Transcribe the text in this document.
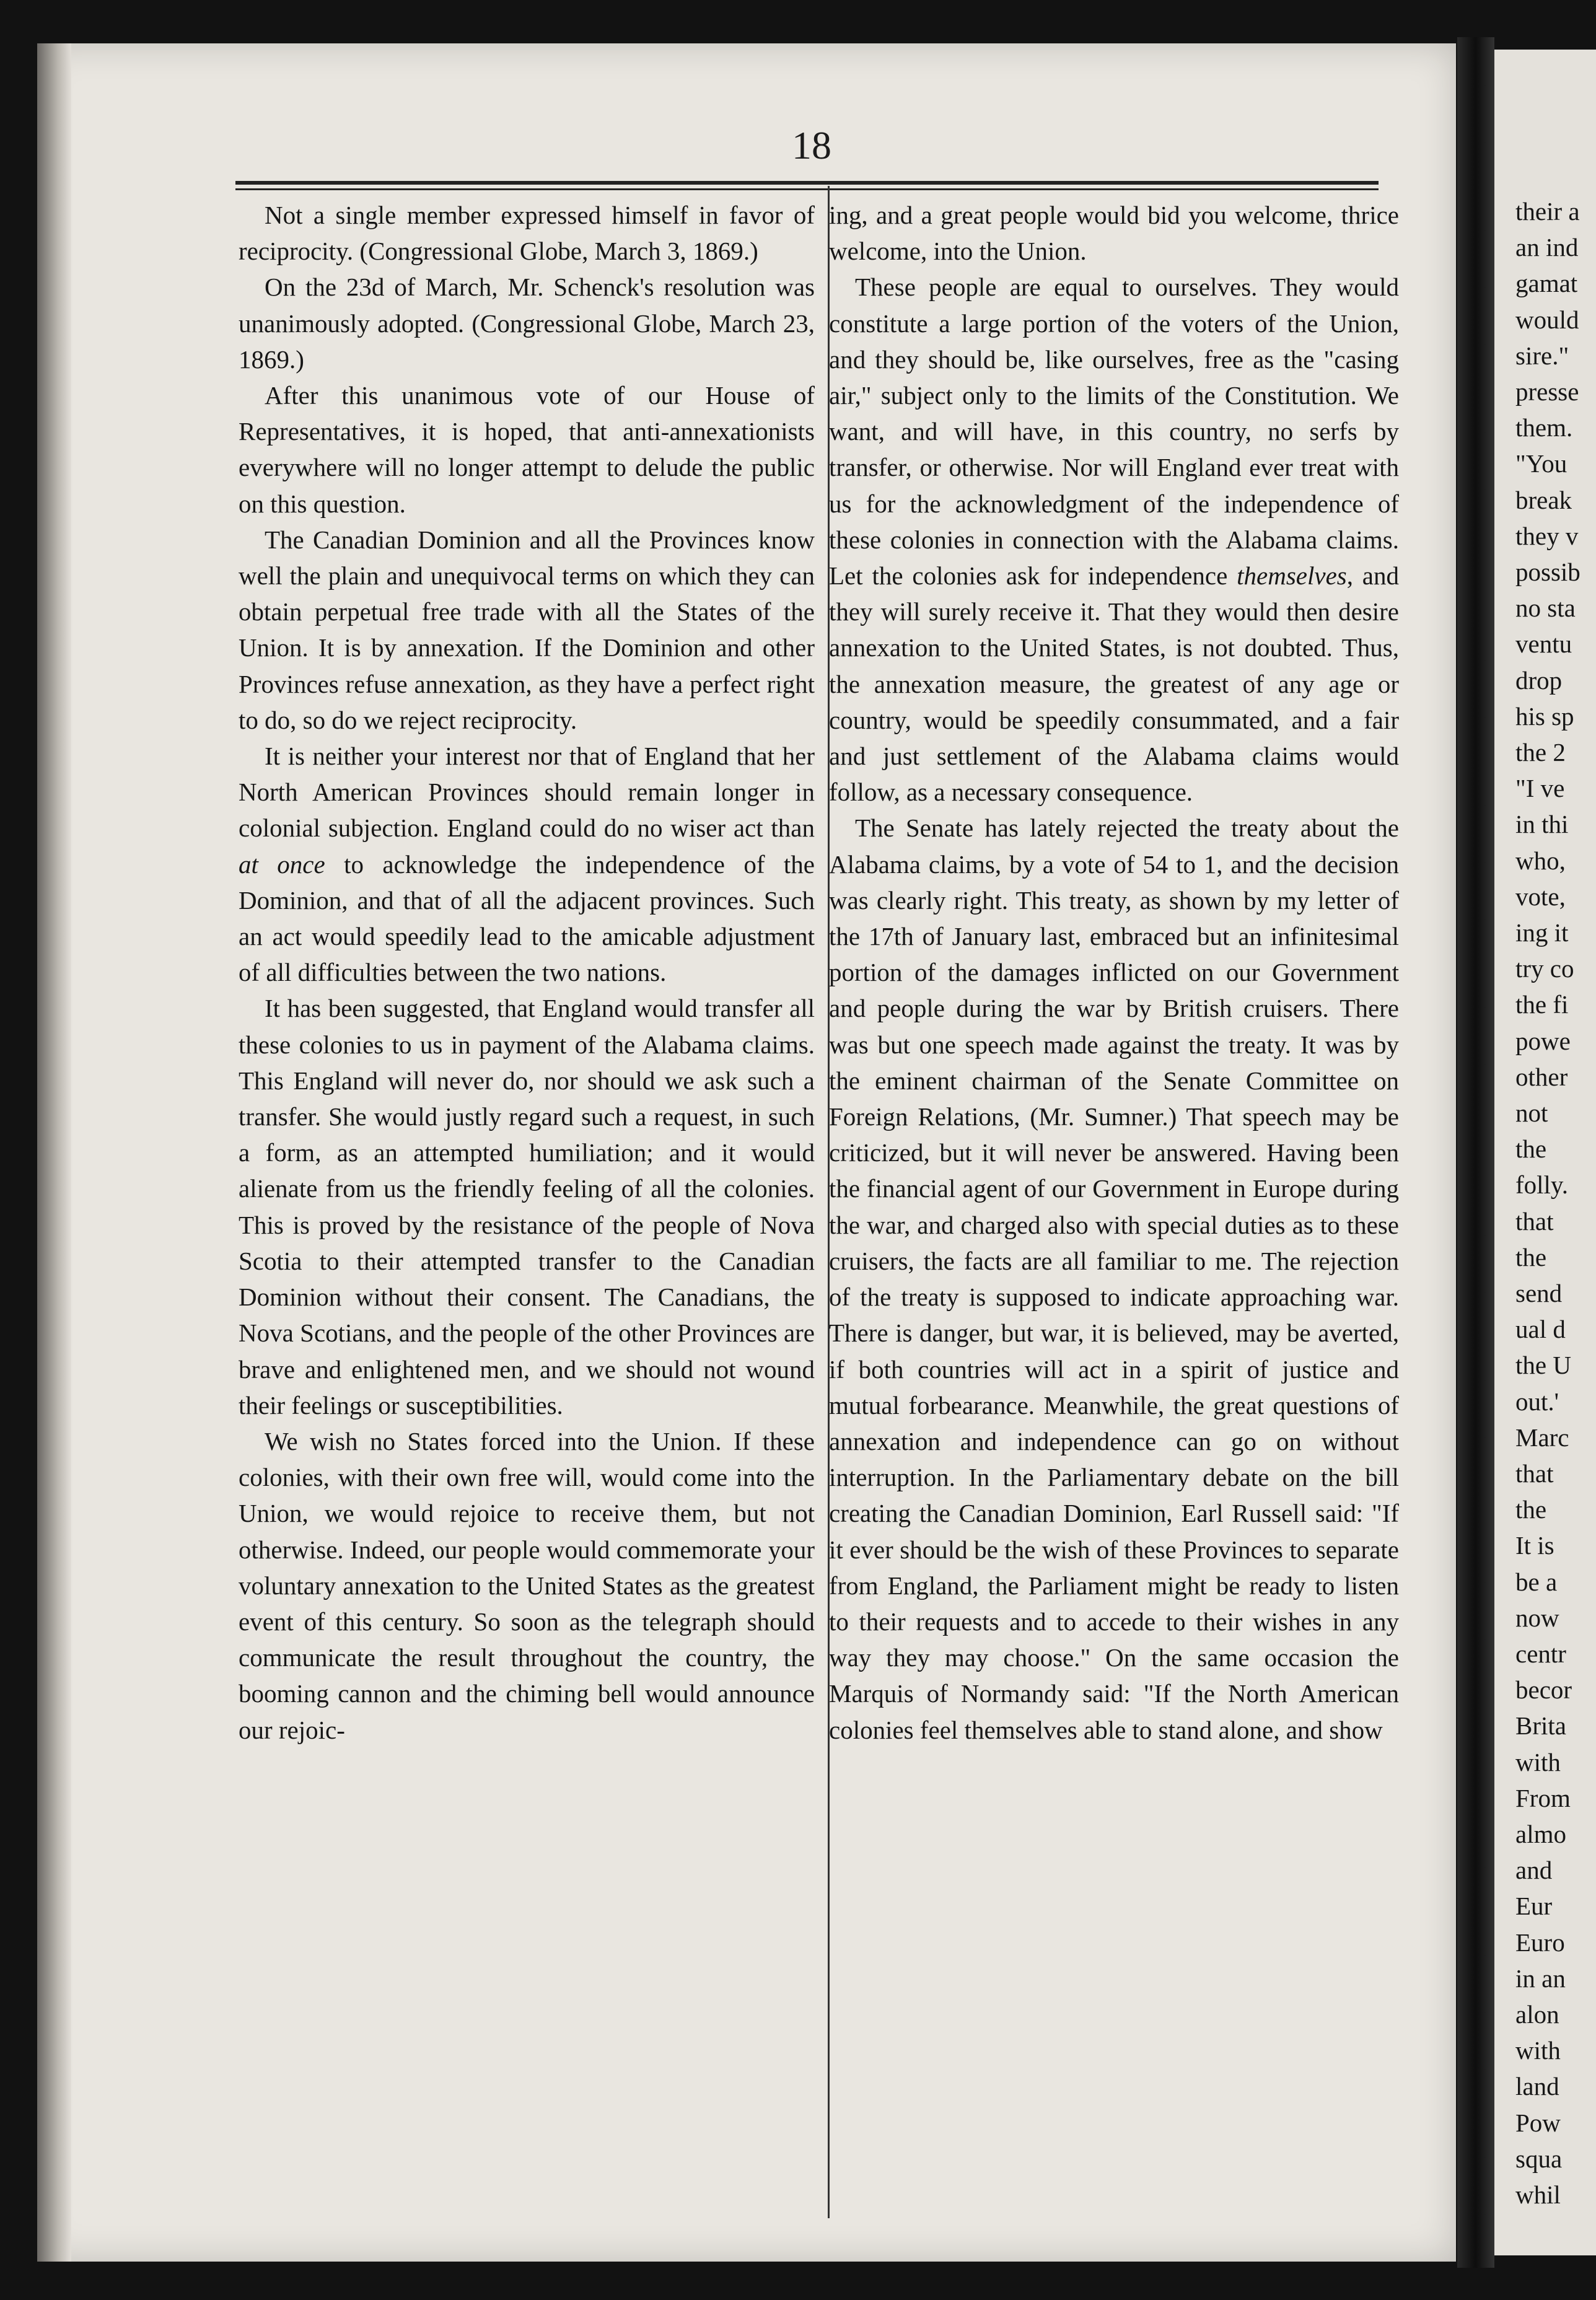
their a
an ind
gamat
would
sire."
presse
them.
"You
break
they v
possib
no sta
ventu
drop
his sp
the 2
"I ve
in thi
who,
vote,
ing it
try co
the fi
powe
other
not
the
folly.
that
the
send
ual d
the U
out.'
Marc
that
the
It is
be a
now
centr
becor
Brita
with
From
almo
and
Eur
Euro
in an
alon
with
land
Pow
squa
whil
18

Not a single member expressed himself in favor of reciprocity. (Congressional Globe, March 3, 1869.)

On the 23d of March, Mr. Schenck's resolution was unanimously adopted. (Congressional Globe, March 23, 1869.)

After this unanimous vote of our House of Representatives, it is hoped, that anti-annexationists everywhere will no longer attempt to delude the public on this question.

The Canadian Dominion and all the Provinces know well the plain and unequivocal terms on which they can obtain perpetual free trade with all the States of the Union. It is by annexation. If the Dominion and other Provinces refuse annexation, as they have a perfect right to do, so do we reject reciprocity.

It is neither your interest nor that of England that her North American Provinces should remain longer in colonial subjection. England could do no wiser act than at once to acknowledge the independence of the Dominion, and that of all the adjacent provinces. Such an act would speedily lead to the amicable adjustment of all difficulties between the two nations.

It has been suggested, that England would transfer all these colonies to us in payment of the Alabama claims. This England will never do, nor should we ask such a transfer. She would justly regard such a request, in such a form, as an attempted humiliation; and it would alienate from us the friendly feeling of all the colonies. This is proved by the resistance of the people of Nova Scotia to their attempted transfer to the Canadian Dominion without their consent. The Canadians, the Nova Scotians, and the people of the other Provinces are brave and enlightened men, and we should not wound their feelings or susceptibilities.

We wish no States forced into the Union. If these colonies, with their own free will, would come into the Union, we would rejoice to receive them, but not otherwise. Indeed, our people would commemorate your voluntary annexation to the United States as the greatest event of this century. So soon as the telegraph should communicate the result throughout the country, the booming cannon and the chiming bell would announce our rejoic-

ing, and a great people would bid you welcome, thrice welcome, into the Union.

These people are equal to ourselves. They would constitute a large portion of the voters of the Union, and they should be, like ourselves, free as the "casing air," subject only to the limits of the Constitution. We want, and will have, in this country, no serfs by transfer, or otherwise. Nor will England ever treat with us for the acknowledgment of the independence of these colonies in connection with the Alabama claims. Let the colonies ask for independence themselves, and they will surely receive it. That they would then desire annexation to the United States, is not doubted. Thus, the annexation measure, the greatest of any age or country, would be speedily consummated, and a fair and just settlement of the Alabama claims would follow, as a necessary consequence.

The Senate has lately rejected the treaty about the Alabama claims, by a vote of 54 to 1, and the decision was clearly right. This treaty, as shown by my letter of the 17th of January last, embraced but an infinitesimal portion of the damages inflicted on our Government and people during the war by British cruisers. There was but one speech made against the treaty. It was by the eminent chairman of the Senate Committee on Foreign Relations, (Mr. Sumner.) That speech may be criticized, but it will never be answered. Having been the financial agent of our Government in Europe during the war, and charged also with special duties as to these cruisers, the facts are all familiar to me. The rejection of the treaty is supposed to indicate approaching war. There is danger, but war, it is believed, may be averted, if both countries will act in a spirit of justice and mutual forbearance. Meanwhile, the great questions of annexation and independence can go on without interruption. In the Parliamentary debate on the bill creating the Canadian Dominion, Earl Russell said: "If it ever should be the wish of these Provinces to separate from England, the Parliament might be ready to listen to their requests and to accede to their wishes in any way they may choose." On the same occasion the Marquis of Normandy said: "If the North American colonies feel themselves able to stand alone, and show
